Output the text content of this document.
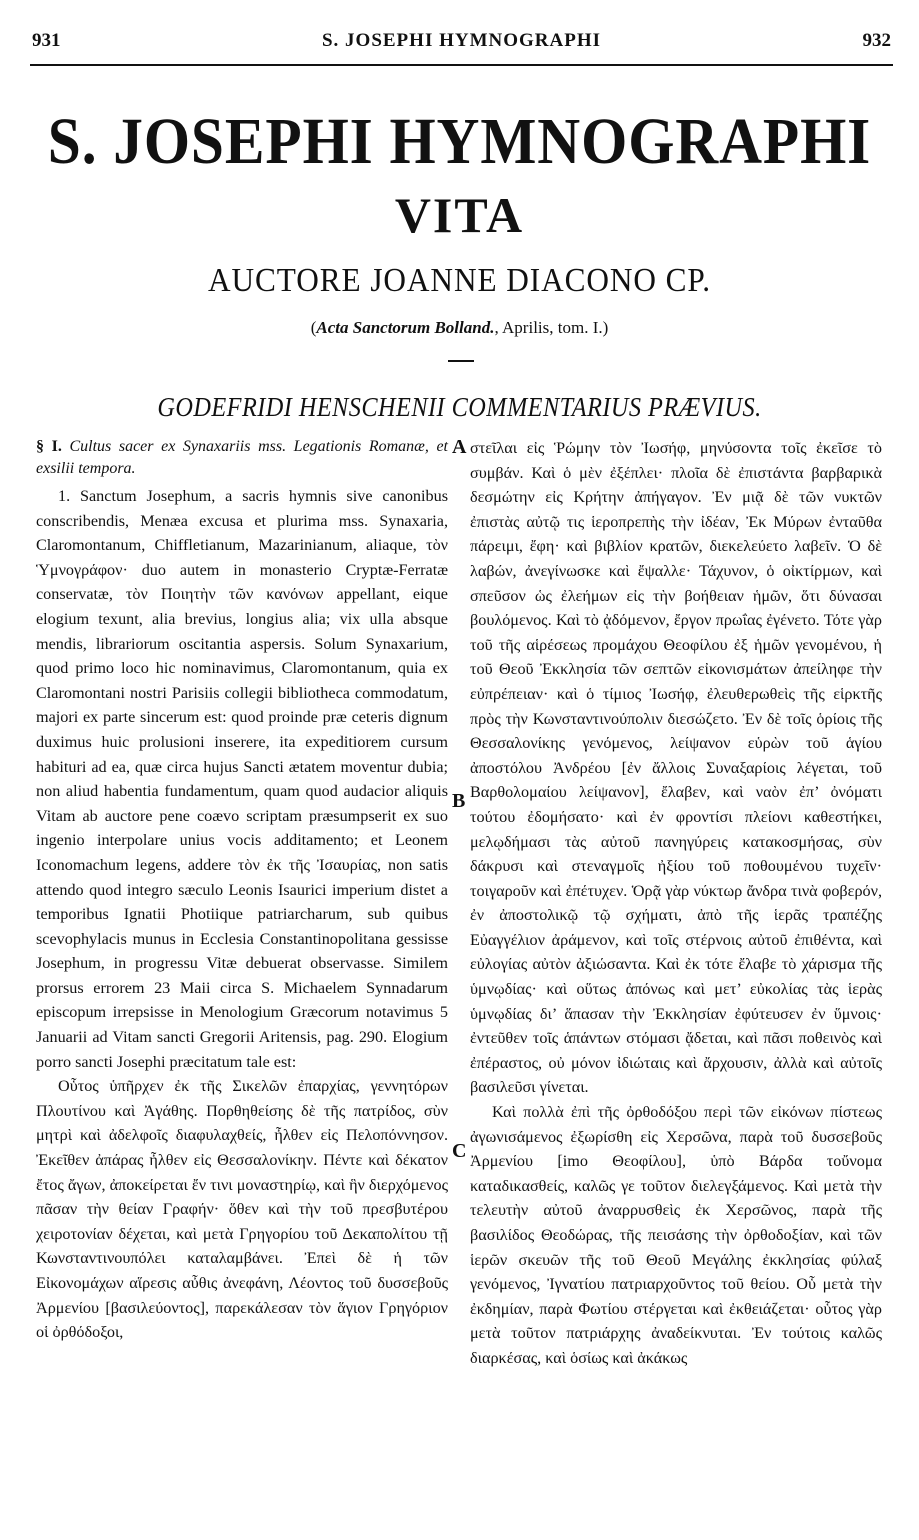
931	S. JOSEPHI HYMNOGRAPHI	932
S. JOSEPHI HYMNOGRAPHI
VITA
AUCTORE JOANNE DIACONO CP.
(Acta Sanctorum Bolland., Aprilis, tom. I.)
GODEFRIDI HENSCHENII COMMENTARIUS PRÆVIUS.
§ I. Cultus sacer ex Synaxariis mss. Legationis Romanæ, et exsilii tempora.

1. Sanctum Josephum, a sacris hymnis sive canonibus conscribendis, Menæa excusa et plurima mss. Synaxaria, Claromontanum, Chiffletianum, Mazarinianum, aliaque, τὸν Ὑμνογράφον· duo autem in monasterio Cryptæ-Ferratæ conservatæ, τὸν Ποιητὴν τῶν κανόνων appellant, eique elogium texunt, alia brevius, longius alia; vix ulla absque mendis, librariorum oscitantia aspersis. Solum Synaxarium, quod primo loco hic nominavimus, Claromontanum, quia ex Claromontani nostri Parisiis collegii bibliotheca commodatum, majori ex parte sincerum est: quod proinde præ ceteris dignum duximus huic prolusioni inserere, ita expeditiorem cursum habituri ad ea, quæ circa hujus Sancti ætatem moventur dubia; non aliud habentia fundamentum, quam quod audacior aliquis Vitam ab auctore pene coævo scriptam præsumpserit ex suo ingenio interpolare unius vocis additamento; et Leonem Iconomachum legens, addere τὸν ἐκ τῆς Ἰσαυρίας, non satis attendo quod integro sæculo Leonis Isaurici imperium distet a temporibus Ignatii Photiique patriarcharum, sub quibus scevophylacis munus in Ecclesia Constantinopolitana gessisse Josephum, in progressu Vitæ debuerat observasse. Similem prorsus errorem 23 Maii circa S. Michaelem Synnadarum episcopum irrepsisse in Menologium Græcorum notavimus 5 Januarii ad Vitam sancti Gregorii Aritensis, pag. 290. Elogium porro sancti Josephi præcitatum tale est:

Οὗτος ὑπῆρχεν ἐκ τῆς Σικελῶν ἐπαρχίας, γεννητόρων Πλουτίνου καὶ Ἀγάθης. Πορθηθείσης δὲ τῆς πατρίδος, σὺν μητρὶ καὶ ἀδελφοῖς διαφυλαχθείς, ἦλθεν εἰς Πελοπόννησον. Ἐκεῖθεν ἀπάρας ἦλθεν εἰς Θεσσαλονίκην. Πέντε καὶ δέκατον ἔτος ἄγων, ἀποκείρεται ἔν τινι μοναστηρίῳ, καὶ ἣν διερχόμενος πᾶσαν τὴν θείαν Γραφήν· ὅθεν καὶ τὴν τοῦ πρεσβυτέρου χειροτονίαν δέχεται, καὶ μετὰ Γρηγορίου τοῦ Δεκαπολίτου τῇ Κωνσταντινουπόλει καταλαμβάνει. Ἐπεὶ δὲ ἡ τῶν Εἰκονομάχων αἵρεσις αὖθις ἀνεφάνη, Λέοντος τοῦ δυσσεβοῦς Ἀρμενίου [βασιλεύοντος], παρεκάλεσαν τὸν ἅγιον Γρηγόριον οἱ ὀρθόδοξοι,

A
B
C

στεῖλαι εἰς Ῥώμην τὸν Ἰωσήφ, μηνύσοντα τοῖς ἐκεῖσε τὸ συμβάν. Καὶ ὁ μὲν ἐξέπλει· πλοῖα δὲ ἐπιστάντα βαρβαρικὰ δεσμώτην εἰς Κρήτην ἀπήγαγον. Ἐν μιᾷ δὲ τῶν νυκτῶν ἐπιστὰς αὐτῷ τις ἱεροπρεπὴς τὴν ἰδέαν, Ἐκ Μύρων ἐνταῦθα πάρειμι, ἔφη· καὶ βιβλίον κρατῶν, διεκελεύετο λαβεῖν. Ὁ δὲ λαβών, ἀνεγίνωσκε καὶ ἔψαλλε· Τάχυνον, ὁ οἰκτίρμων, καὶ σπεῦσον ὡς ἐλεήμων εἰς τὴν βοήθειαν ἡμῶν, ὅτι δύνασαι βουλόμενος. Καὶ τὸ ᾀδόμενον, ἔργον πρωΐας ἐγένετο. Τότε γὰρ τοῦ τῆς αἱρέσεως προμάχου Θεοφίλου ἐξ ἡμῶν γενομένου, ἡ τοῦ Θεοῦ Ἐκκλησία τῶν σεπτῶν εἰκονισμάτων ἀπείληφε τὴν εὐπρέπειαν· καὶ ὁ τίμιος Ἰωσήφ, ἐλευθερωθεὶς τῆς εἱρκτῆς πρὸς τὴν Κωνσταντινούπολιν διεσώζετο. Ἐν δὲ τοῖς ὁρίοις τῆς Θεσσαλονίκης γενόμενος, λείψανον εὑρὼν τοῦ ἁγίου ἀποστόλου Ἀνδρέου [ἐν ἄλλοις Συναξαρίοις λέγεται, τοῦ Βαρθολομαίου λείψανον], ἔλαβεν, καὶ ναὸν ἐπ’ ὀνόματι τούτου ἐδομήσατο· καὶ ἐν φροντίσι πλείονι καθεστήκει, μελῳδήμασι τὰς αὐτοῦ πανηγύρεις κατακοσμήσας, σὺν δάκρυσι καὶ στεναγμοῖς ἠξίου τοῦ ποθουμένου τυχεῖν· τοιγαροῦν καὶ ἐπέτυχεν. Ὁρᾷ γὰρ νύκτωρ ἄνδρα τινὰ φοβερόν, ἐν ἀποστολικῷ τῷ σχήματι, ἀπὸ τῆς ἱερᾶς τραπέζης Εὐαγγέλιον ἀράμενον, καὶ τοῖς στέρνοις αὐτοῦ ἐπιθέντα, καὶ εὐλογίας αὐτὸν ἀξιώσαντα. Καὶ ἐκ τότε ἔλαβε τὸ χάρισμα τῆς ὑμνῳδίας· καὶ οὕτως ἀπόνως καὶ μετ’ εὐκολίας τὰς ἱερὰς ὑμνῳδίας δι’ ἅπασαν τὴν Ἐκκλησίαν ἐφύτευσεν ἐν ὕμνοις· ἐντεῦθεν τοῖς ἁπάντων στόμασι ᾄδεται, καὶ πᾶσι ποθεινὸς καὶ ἐπέραστος, οὐ μόνον ἰδιώταις καὶ ἄρχουσιν, ἀλλὰ καὶ αὐτοῖς βασιλεῦσι γίνεται.

Καὶ πολλὰ ἐπὶ τῆς ὀρθοδόξου περὶ τῶν εἰκόνων πίστεως ἀγωνισάμενος ἐξωρίσθη εἰς Χερσῶνα, παρὰ τοῦ δυσσεβοῦς Ἀρμενίου [imo Θεοφίλου], ὑπὸ Βάρδα τοὔνομα καταδικασθείς, καλῶς γε τοῦτον διελεγξάμενος. Καὶ μετὰ τὴν τελευτὴν αὐτοῦ ἀναρρυσθεὶς ἐκ Χερσῶνος, παρὰ τῆς βασιλίδος Θεοδώρας, τῆς πεισάσης τὴν ὀρθοδοξίαν, καὶ τῶν ἱερῶν σκευῶν τῆς τοῦ Θεοῦ Μεγάλης ἐκκλησίας φύλαξ γενόμενος, Ἰγνατίου πατριαρχοῦντος τοῦ θείου. Οὗ μετὰ τὴν ἐκδημίαν, παρὰ Φωτίου στέργεται καὶ ἐκθειάζεται· οὗτος γὰρ μετὰ τοῦτον πατριάρχης ἀναδείκνυται. Ἐν τούτοις καλῶς διαρκέσας, καὶ ὁσίως καὶ ἀκάκως
